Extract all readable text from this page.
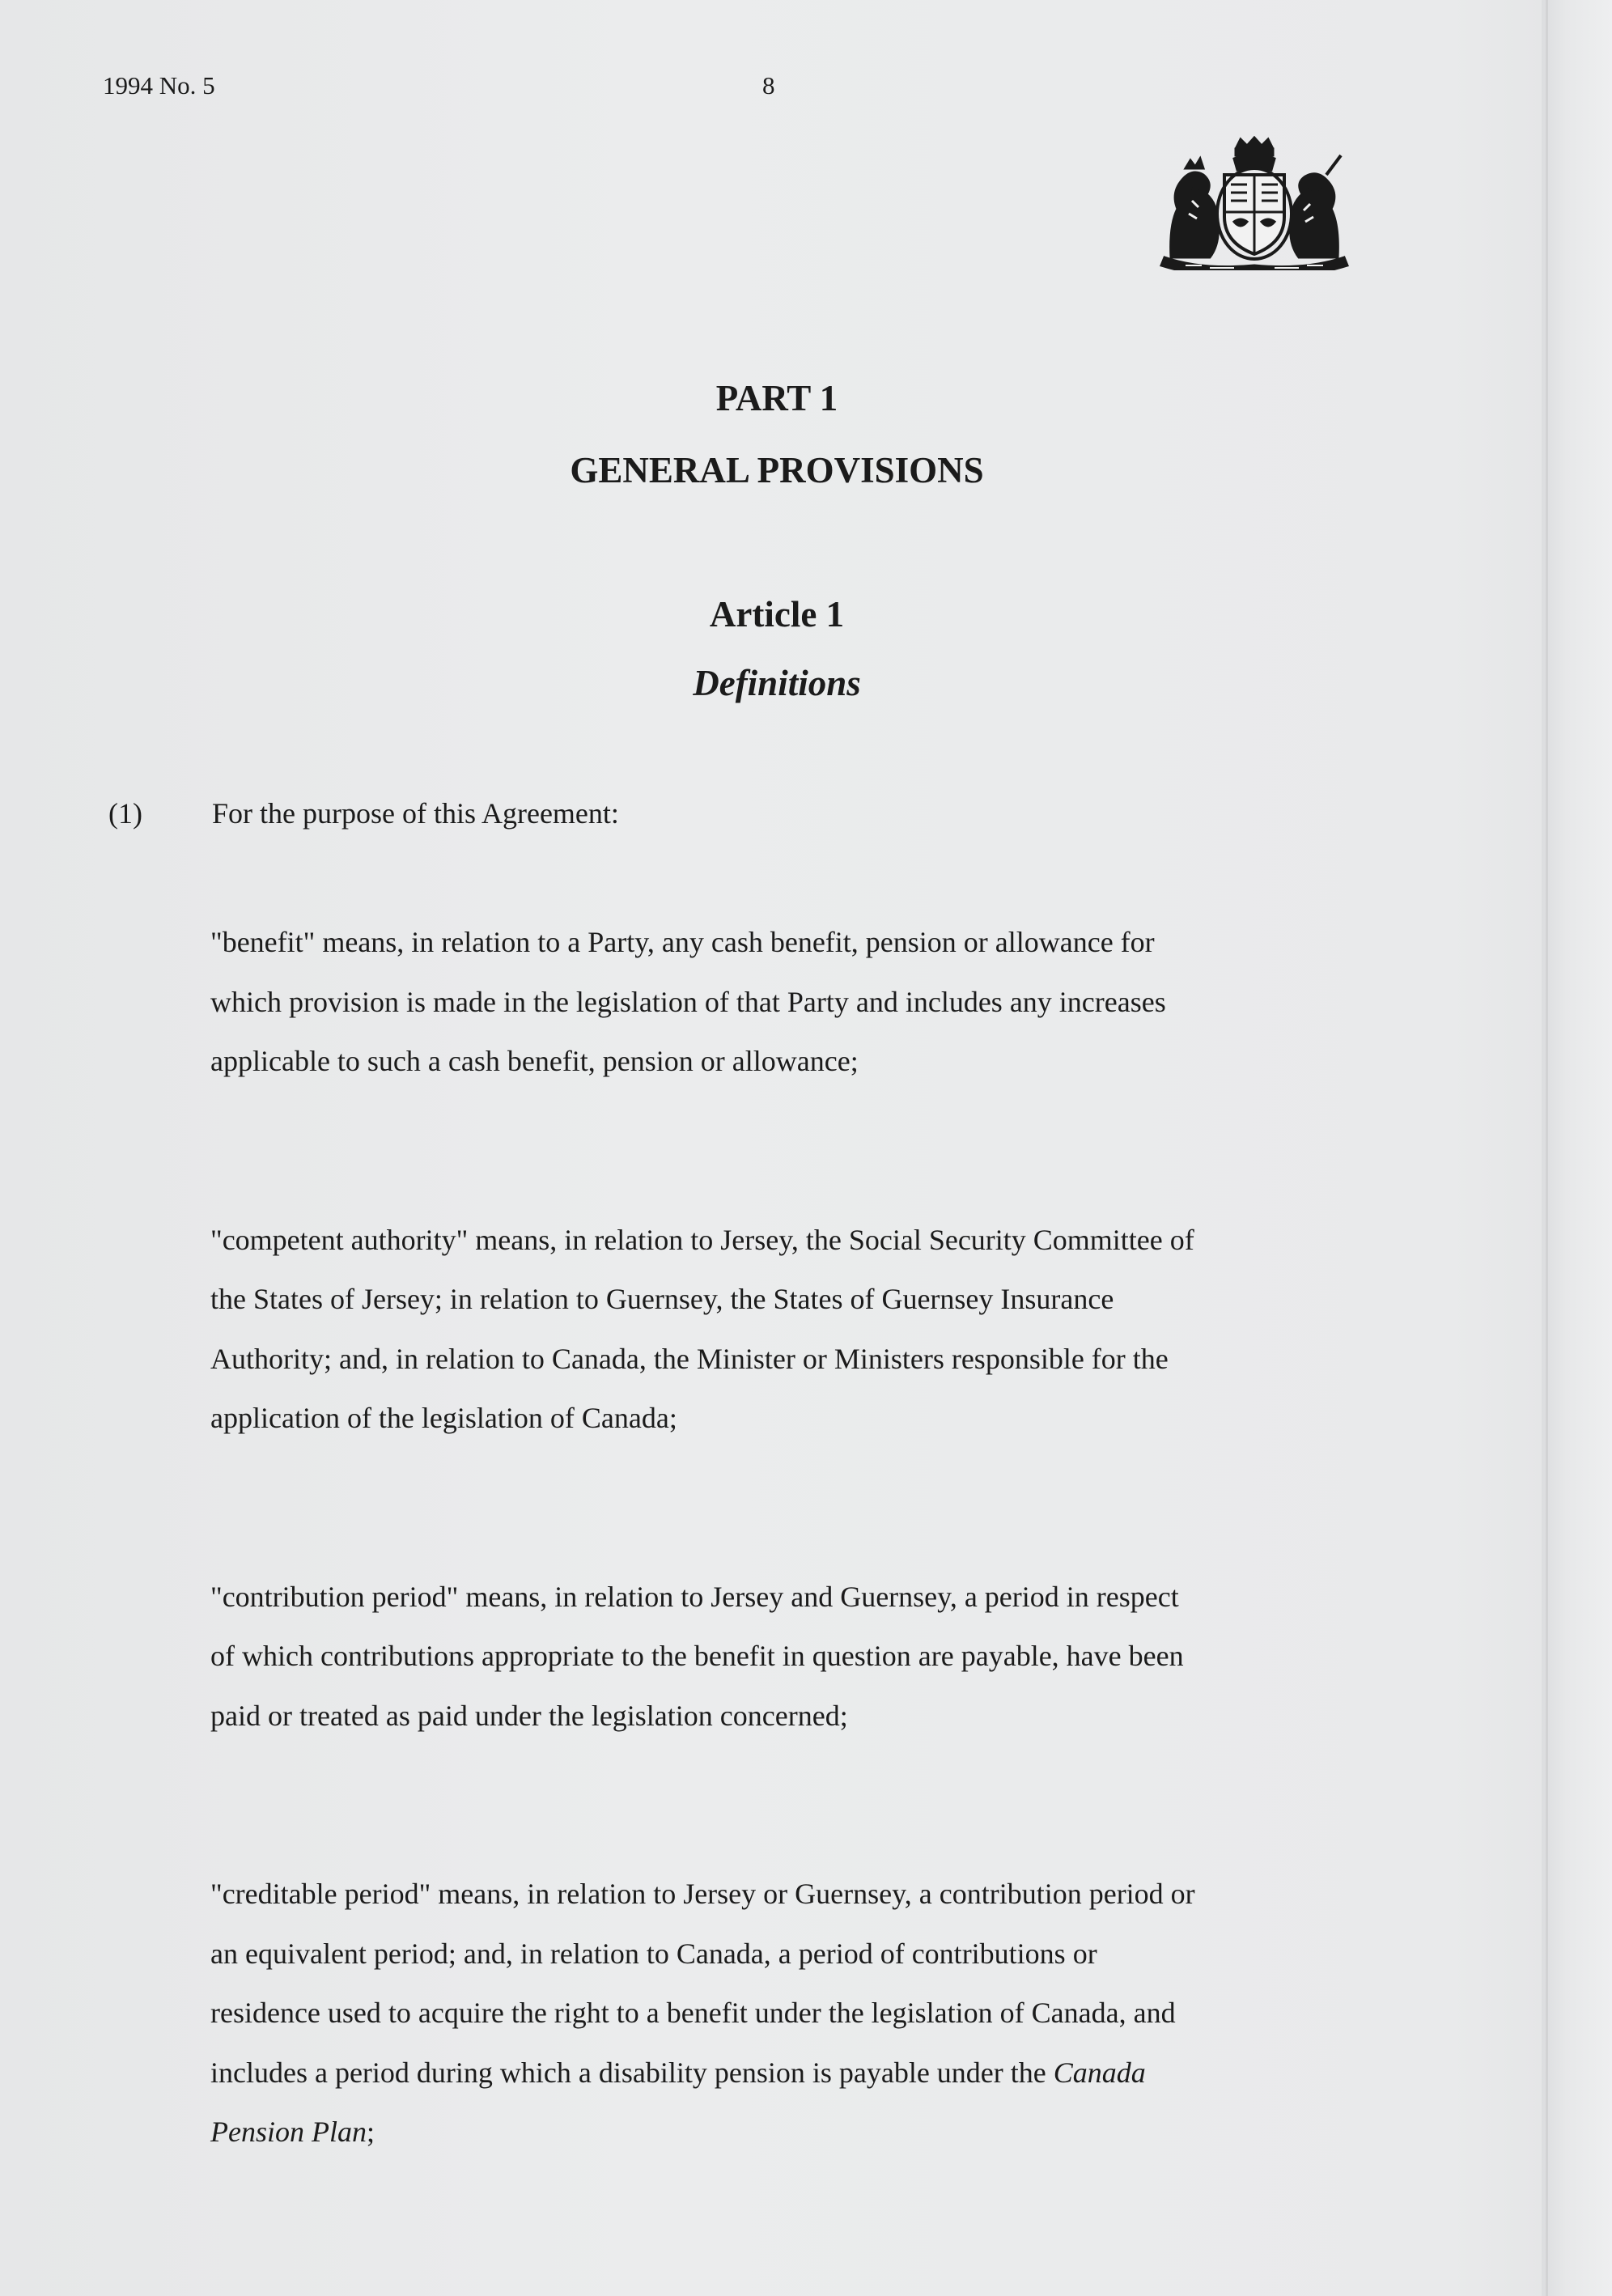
1994 No. 5	8
PART 1
GENERAL PROVISIONS
Article 1
Definitions
(1) For the purpose of this Agreement:
"benefit" means, in relation to a Party, any cash benefit, pension or allowance for
which provision is made in the legislation of that Party and includes any increases
applicable to such a cash benefit, pension or allowance;
"competent authority" means, in relation to Jersey, the Social Security Committee of
the States of Jersey; in relation to Guernsey, the States of Guernsey Insurance
Authority; and, in relation to Canada, the Minister or Ministers responsible for the
application of the legislation of Canada;
"contribution period" means, in relation to Jersey and Guernsey, a period in respect
of which contributions appropriate to the benefit in question are payable, have been
paid or treated as paid under the legislation concerned;
"creditable period" means, in relation to Jersey or Guernsey, a contribution period or
an equivalent period; and, in relation to Canada, a period of contributions or
residence used to acquire the right to a benefit under the legislation of Canada, and
includes a period during which a disability pension is payable under the Canada
Pension Plan;
